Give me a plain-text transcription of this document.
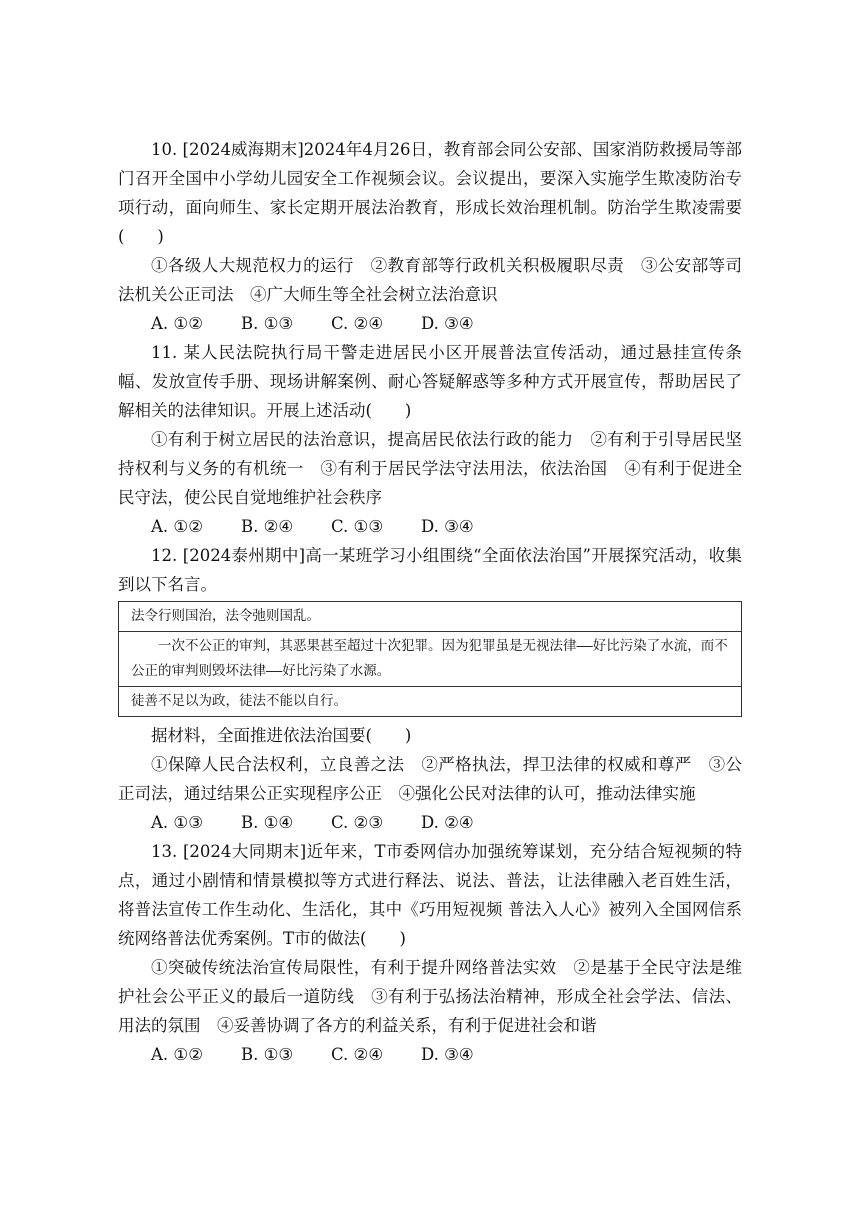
10. [2024威海期末]2024年4月26日，教育部会同公安部、国家消防救援局等部门召开全国中小学幼儿园安全工作视频会议。会议提出，要深入实施学生欺凌防治专项行动，面向师生、家长定期开展法治教育，形成长效治理机制。防治学生欺凌需要(　　)

①各级人大规范权力的运行　②教育部等行政机关积极履职尽责　③公安部等司法机关公正司法　④广大师生等全社会树立法治意识

A. ①②	B. ①③	C. ②④	D. ③④

11. 某人民法院执行局干警走进居民小区开展普法宣传活动，通过悬挂宣传条幅、发放宣传手册、现场讲解案例、耐心答疑解惑等多种方式开展宣传，帮助居民了解相关的法律知识。开展上述活动(　　)

①有利于树立居民的法治意识，提高居民依法行政的能力　②有利于引导居民坚持权利与义务的有机统一　③有利于居民学法守法用法，依法治国　④有利于促进全民守法，使公民自觉地维护社会秩序

A. ①②	B. ②④	C. ①③	D. ③④

12. [2024泰州期中]高一某班学习小组围绕“全面依法治国”开展探究活动，收集到以下名言。

法令行则国治，法令弛则国乱。
一次不公正的审判，其恶果甚至超过十次犯罪。因为犯罪虽是无视法律——好比污染了水流，而不公正的审判则毁坏法律——好比污染了水源。
徒善不足以为政，徒法不能以自行。

据材料，全面推进依法治国要(　　)

①保障人民合法权利，立良善之法　②严格执法，捍卫法律的权威和尊严　③公正司法，通过结果公正实现程序公正　④强化公民对法律的认可，推动法律实施

A. ①③	B. ①④	C. ②③	D. ②④

13. [2024大同期末]近年来，T市委网信办加强统筹谋划，充分结合短视频的特点，通过小剧情和情景模拟等方式进行释法、说法、普法，让法律融入老百姓生活，将普法宣传工作生动化、生活化，其中《巧用短视频 普法入人心》被列入全国网信系统网络普法优秀案例。T市的做法(　　)

①突破传统法治宣传局限性，有利于提升网络普法实效　②是基于全民守法是维护社会公平正义的最后一道防线　③有利于弘扬法治精神，形成全社会学法、信法、用法的氛围　④妥善协调了各方的利益关系，有利于促进社会和谐

A. ①②	B. ①③	C. ②④	D. ③④
